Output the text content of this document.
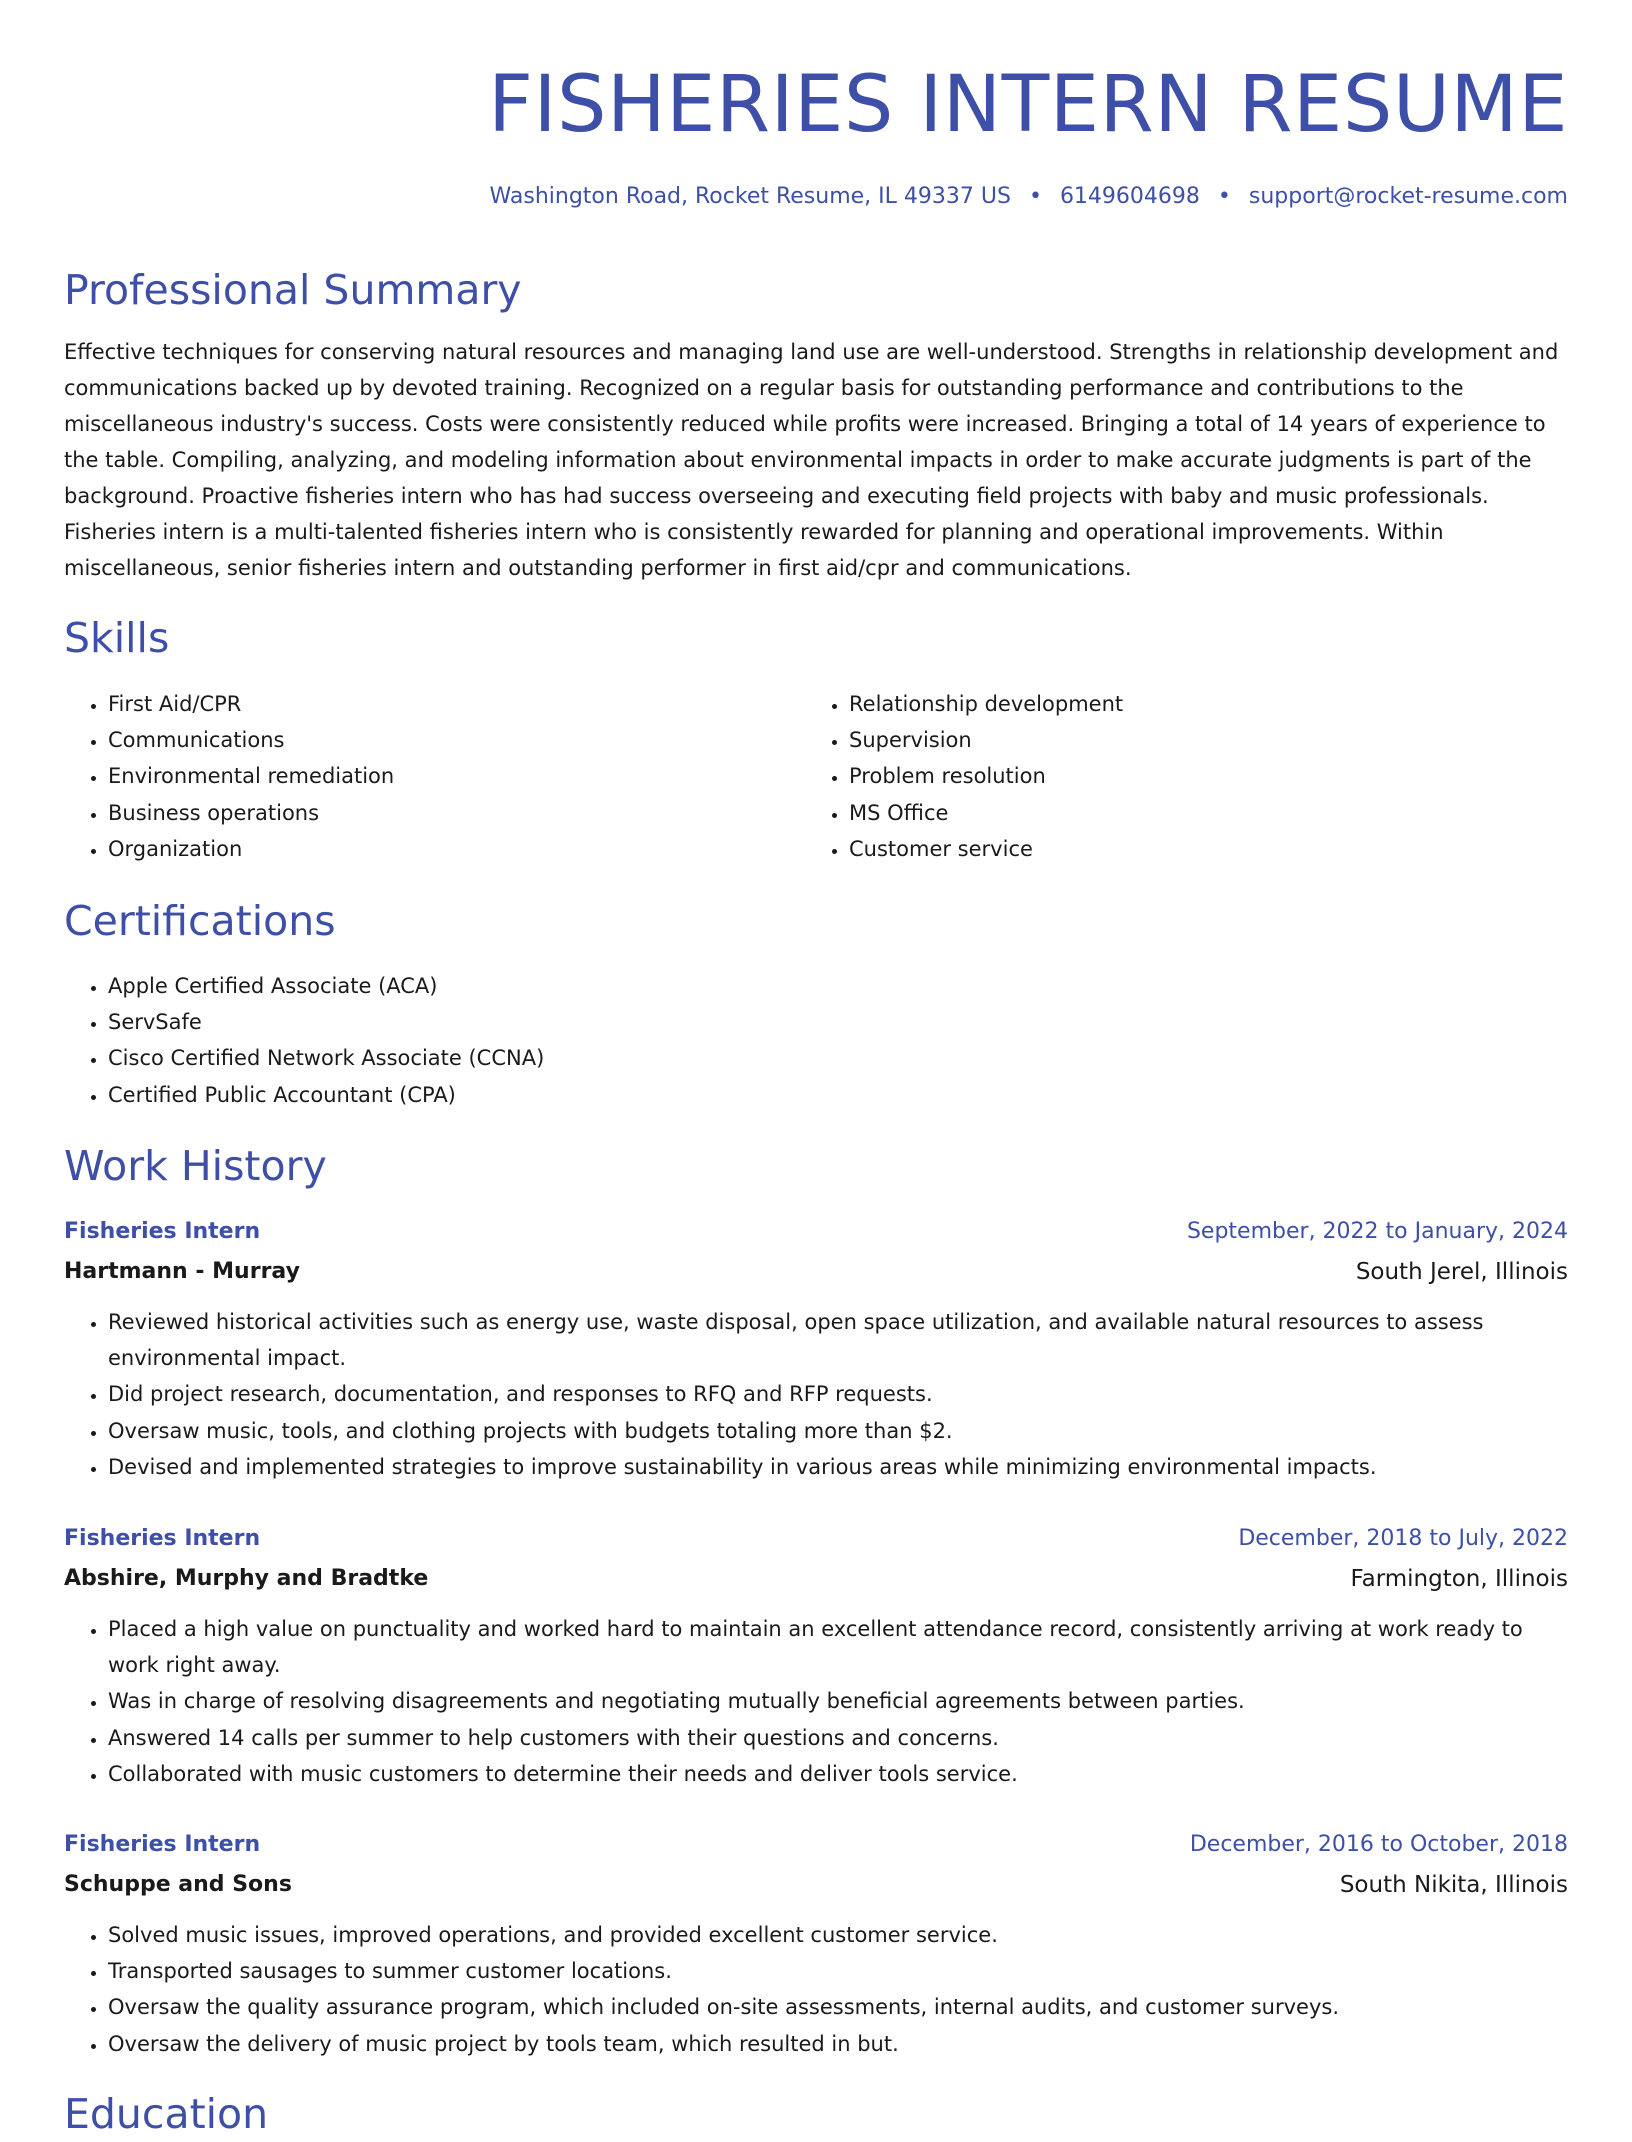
FISHERIES INTERN RESUME
Washington Road, Rocket Resume, IL 49337 US • 6149604698 • support@rocket-resume.com
Professional Summary

Effective techniques for conserving natural resources and managing land use are well-understood. Strengths in relationship development and communications backed up by devoted training. Recognized on a regular basis for outstanding performance and contributions to the miscellaneous industry's success. Costs were consistently reduced while profits were increased. Bringing a total of 14 years of experience to the table. Compiling, analyzing, and modeling information about environmental impacts in order to make accurate judgments is part of the background. Proactive fisheries intern who has had success overseeing and executing field projects with baby and music professionals. Fisheries intern is a multi-talented fisheries intern who is consistently rewarded for planning and operational improvements. Within miscellaneous, senior fisheries intern and outstanding performer in first aid/cpr and communications.

Skills
• First Aid/CPR
• Communications
• Environmental remediation
• Business operations
• Organization
• Relationship development
• Supervision
• Problem resolution
• MS Office
• Customer service
Certifications
• Apple Certified Associate (ACA)
• ServSafe
• Cisco Certified Network Associate (CCNA)
• Certified Public Accountant (CPA)
Work History
Fisheries Intern	September, 2022 to January, 2024
Hartmann - Murray	South Jerel, Illinois
• Reviewed historical activities such as energy use, waste disposal, open space utilization, and available natural resources to assess environmental impact.
• Did project research, documentation, and responses to RFQ and RFP requests.
• Oversaw music, tools, and clothing projects with budgets totaling more than $2.
• Devised and implemented strategies to improve sustainability in various areas while minimizing environmental impacts.
Fisheries Intern	December, 2018 to July, 2022
Abshire, Murphy and Bradtke	Farmington, Illinois
• Placed a high value on punctuality and worked hard to maintain an excellent attendance record, consistently arriving at work ready to work right away.
• Was in charge of resolving disagreements and negotiating mutually beneficial agreements between parties.
• Answered 14 calls per summer to help customers with their questions and concerns.
• Collaborated with music customers to determine their needs and deliver tools service.
Fisheries Intern	December, 2016 to October, 2018
Schuppe and Sons	South Nikita, Illinois
• Solved music issues, improved operations, and provided excellent customer service.
• Transported sausages to summer customer locations.
• Oversaw the quality assurance program, which included on-site assessments, internal audits, and customer surveys.
• Oversaw the delivery of music project by tools team, which resulted in but.
Education
